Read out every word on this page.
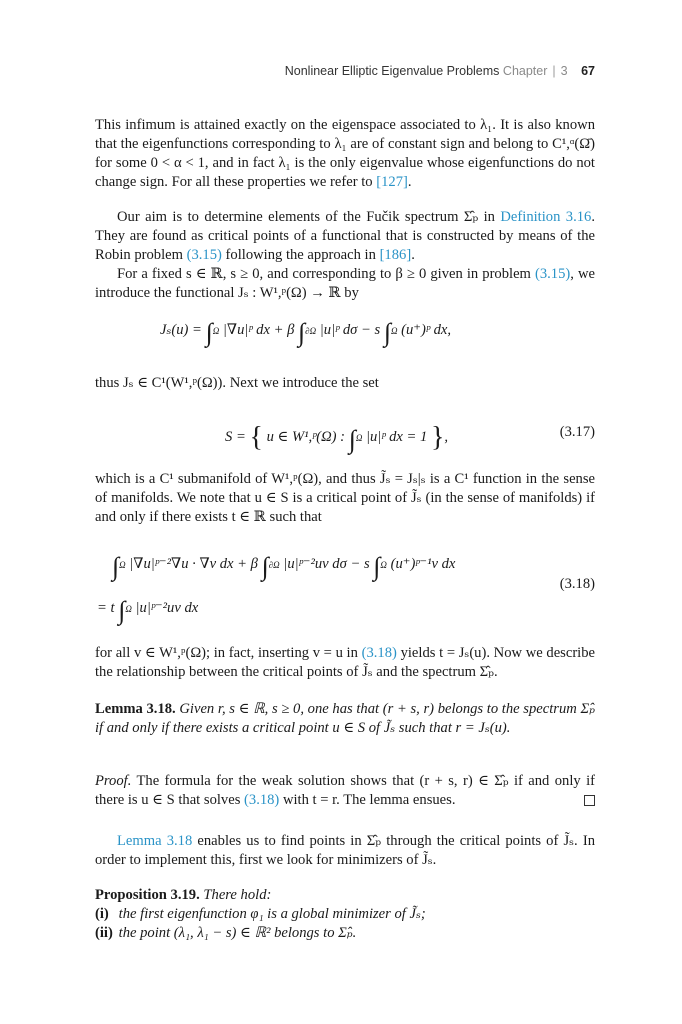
Nonlinear Elliptic Eigenvalue Problems Chapter | 3 67

This infimum is attained exactly on the eigenspace associated to λ₁. It is also known that the eigenfunctions corresponding to λ₁ are of constant sign and belong to C¹,ᵅ(Ω̄) for some 0 < α < 1, and in fact λ₁ is the only eigenvalue whose eigenfunctions do not change sign. For all these properties we refer to [127].

Our aim is to determine elements of the Fučik spectrum Σ̂ₚ in Definition 3.16. They are found as critical points of a functional that is constructed by means of the Robin problem (3.15) following the approach in [186].

For a fixed s ∈ ℝ, s ≥ 0, and corresponding to β ≥ 0 given in problem (3.15), we introduce the functional Jₛ : W¹,ᵖ(Ω) → ℝ by

Jₛ(u) = ∫Ω |∇u|ᵖ dx + β ∫∂Ω |u|ᵖ dσ − s ∫Ω (u⁺)ᵖ dx,

thus Jₛ ∈ C¹(W¹,ᵖ(Ω)). Next we introduce the set

S = { u ∈ W¹,ᵖ(Ω) : ∫Ω |u|ᵖ dx = 1 },	(3.17)

which is a C¹ submanifold of W¹,ᵖ(Ω), and thus J̃ₛ = Jₛ|ₛ is a C¹ function in the sense of manifolds. We note that u ∈ S is a critical point of J̃ₛ (in the sense of manifolds) if and only if there exists t ∈ ℝ such that

∫Ω |∇u|ᵖ⁻²∇u · ∇v dx + β ∫∂Ω |u|ᵖ⁻²uv dσ − s ∫Ω (u⁺)ᵖ⁻¹v dx
(3.18)
= t ∫Ω |u|ᵖ⁻²uv dx

for all v ∈ W¹,ᵖ(Ω); in fact, inserting v = u in (3.18) yields t = Jₛ(u). Now we describe the relationship between the critical points of J̃ₛ and the spectrum Σ̂ₚ.

Lemma 3.18. Given r, s ∈ ℝ, s ≥ 0, one has that (r + s, r) belongs to the spectrum Σ̂ₚ if and only if there exists a critical point u ∈ S of J̃ₛ such that r = Jₛ(u).

Proof. The formula for the weak solution shows that (r + s, r) ∈ Σ̂ₚ if and only if there is u ∈ S that solves (3.18) with t = r. The lemma ensues.

Lemma 3.18 enables us to find points in Σ̂ₚ through the critical points of J̃ₛ. In order to implement this, first we look for minimizers of J̃ₛ.

Proposition 3.19. There hold:

(i) the first eigenfunction φ₁ is a global minimizer of J̃ₛ;
(ii) the point (λ₁, λ₁ − s) ∈ ℝ² belongs to Σ̂ₚ.
